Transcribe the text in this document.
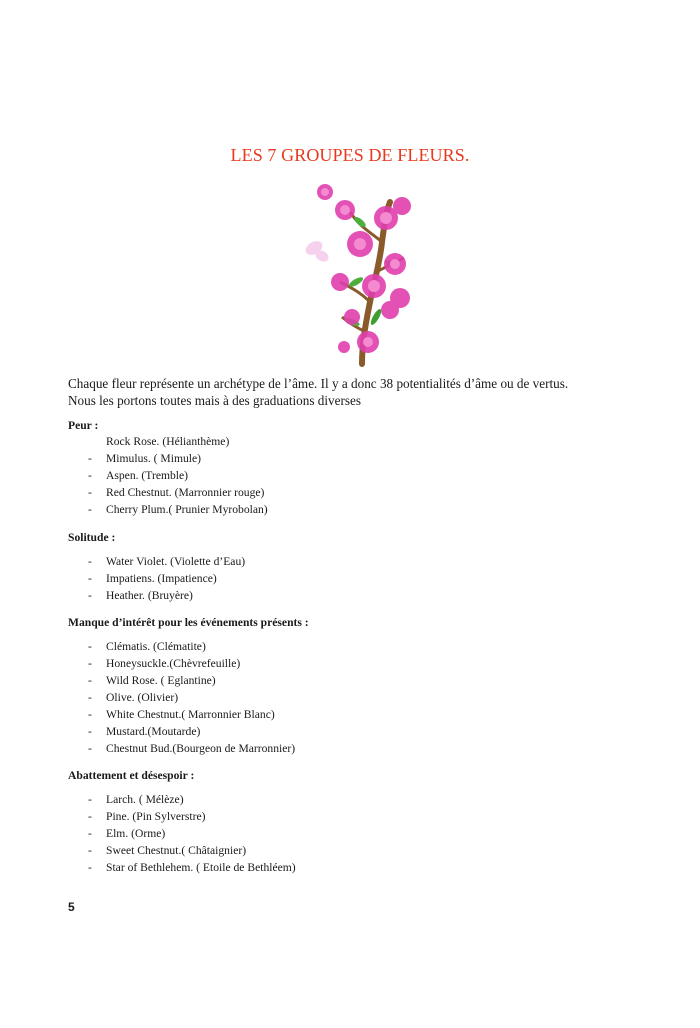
LES 7 GROUPES DE FLEURS.
Chaque fleur représente un archétype de l’âme. Il y a donc 38 potentialités d’âme ou de vertus.
Nous les portons toutes mais à des graduations diverses
Peur :
Rock Rose. (Hélianthème)
- Mimulus. ( Mimule)
- Aspen. (Tremble)
- Red Chestnut. (Marronnier rouge)
- Cherry Plum.( Prunier Myrobolan)
Solitude :
- Water Violet. (Violette d’Eau)
- Impatiens. (Impatience)
- Heather. (Bruyère)
Manque d’intérêt pour les événements présents :
- Clématis. (Clématite)
- Honeysuckle.(Chèvrefeuille)
- Wild Rose. ( Eglantine)
- Olive. (Olivier)
- White Chestnut.( Marronnier Blanc)
- Mustard.(Moutarde)
- Chestnut Bud.(Bourgeon de Marronnier)
Abattement et désespoir :
- Larch. ( Mélèze)
- Pine. (Pin Sylverstre)
- Elm. (Orme)
- Sweet Chestnut.( Châtaignier)
- Star of Bethlehem. ( Etoile de Bethléem)
5
